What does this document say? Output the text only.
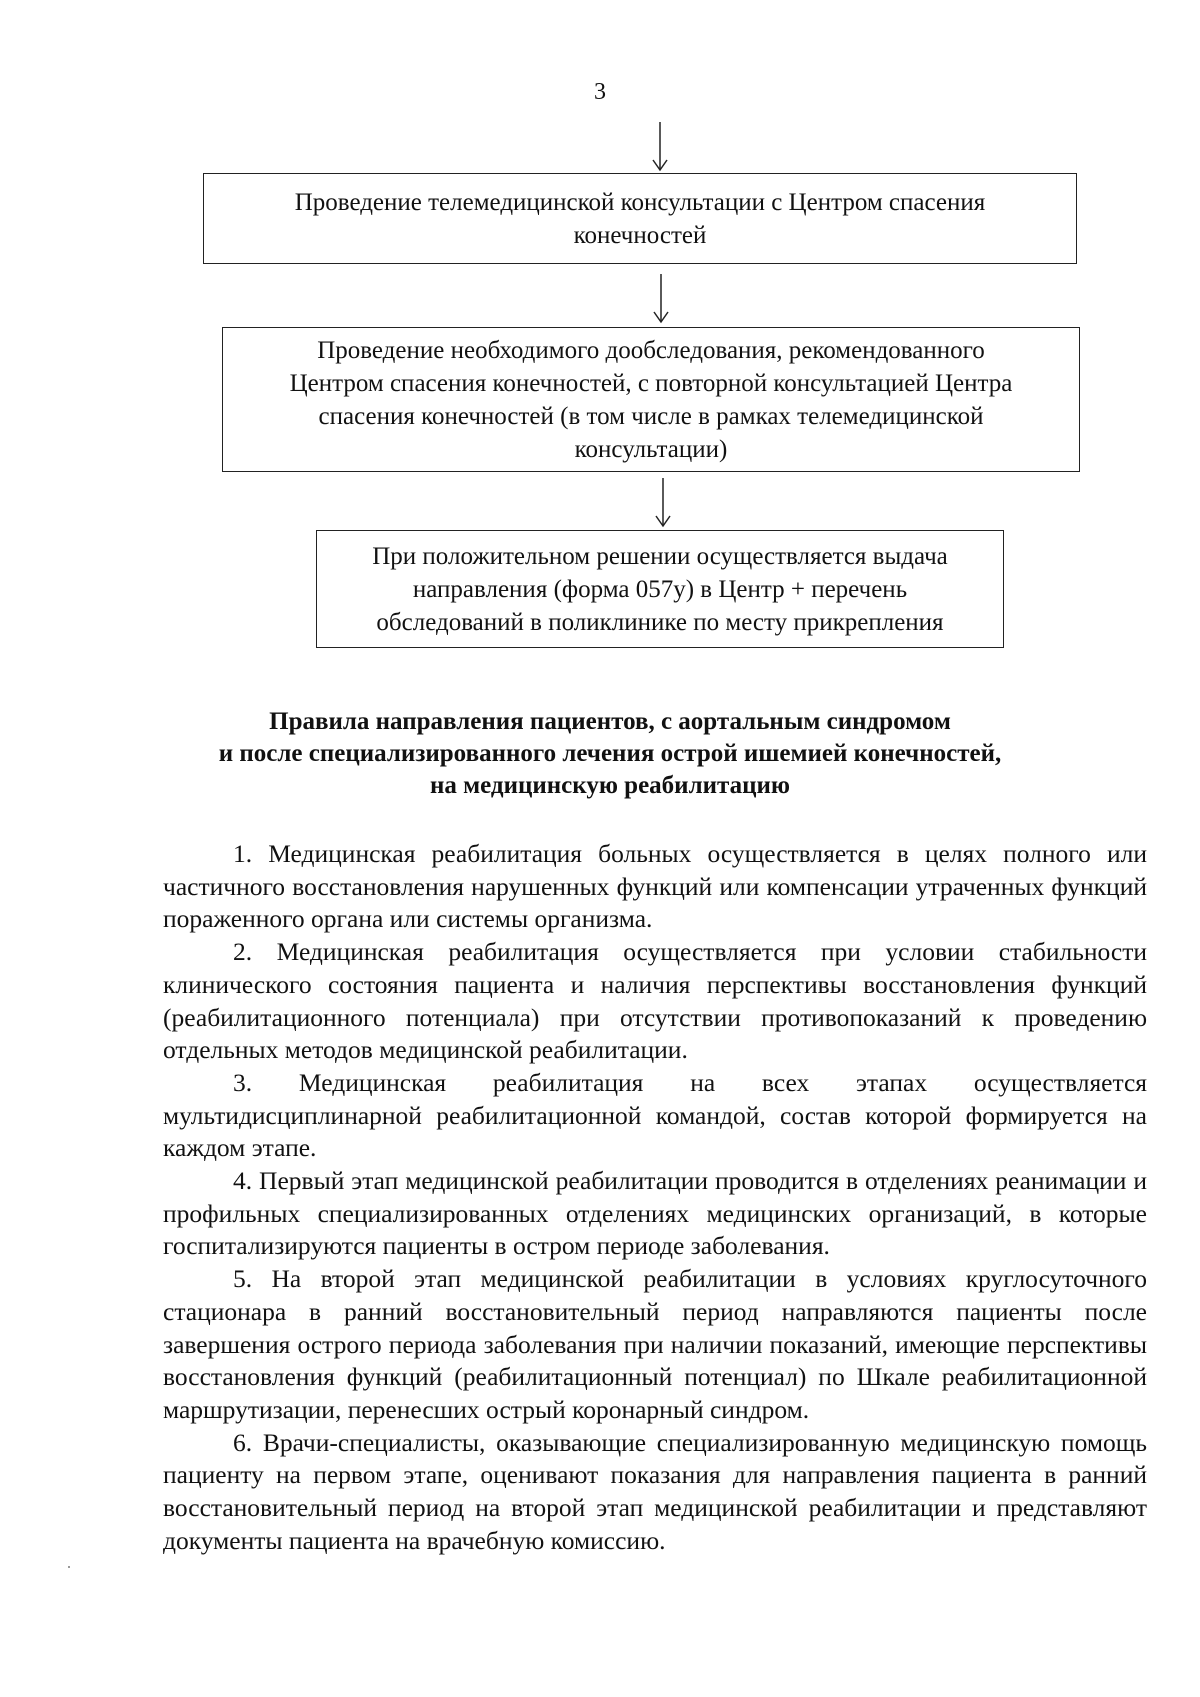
3
Проведение телемедицинской консультации с Центром спасения
конечностей
Проведение необходимого дообследования, рекомендованного
Центром спасения конечностей, с повторной консультацией Центра
спасения конечностей (в том числе в рамках телемедицинской
консультации)
При положительном решении осуществляется выдача
направления (форма 057у) в Центр + перечень
обследований в поликлинике по месту прикрепления
Правила направления пациентов, с аортальным синдромом
и после специализированного лечения острой ишемией конечностей,
на медицинскую реабилитацию

1. Медицинская реабилитация больных осуществляется в целях полного или частичного восстановления нарушенных функций или компенсации утраченных функций пораженного органа или системы организма.

2. Медицинская реабилитация осуществляется при условии стабильности клинического состояния пациента и наличия перспективы восстановления функций (реабилитационного потенциала) при отсутствии противопоказаний к проведению отдельных методов медицинской реабилитации.

3. Медицинская реабилитация на всех этапах осуществляется мультидисциплинарной реабилитационной командой, состав которой формируется на каждом этапе.

4. Первый этап медицинской реабилитации проводится в отделениях реанимации и профильных специализированных отделениях медицинских организаций, в которые госпитализируются пациенты в остром периоде заболевания.

5. На второй этап медицинской реабилитации в условиях круглосуточного стационара в ранний восстановительный период направляются пациенты после завершения острого периода заболевания при наличии показаний, имеющие перспективы восстановления функций (реабилитационный потенциал) по Шкале реабилитационной маршрутизации, перенесших острый коронарный синдром.

6. Врачи-специалисты, оказывающие специализированную медицинскую помощь пациенту на первом этапе, оценивают показания для направления пациента в ранний восстановительный период на второй этап медицинской реабилитации и представляют документы пациента на врачебную комиссию.
